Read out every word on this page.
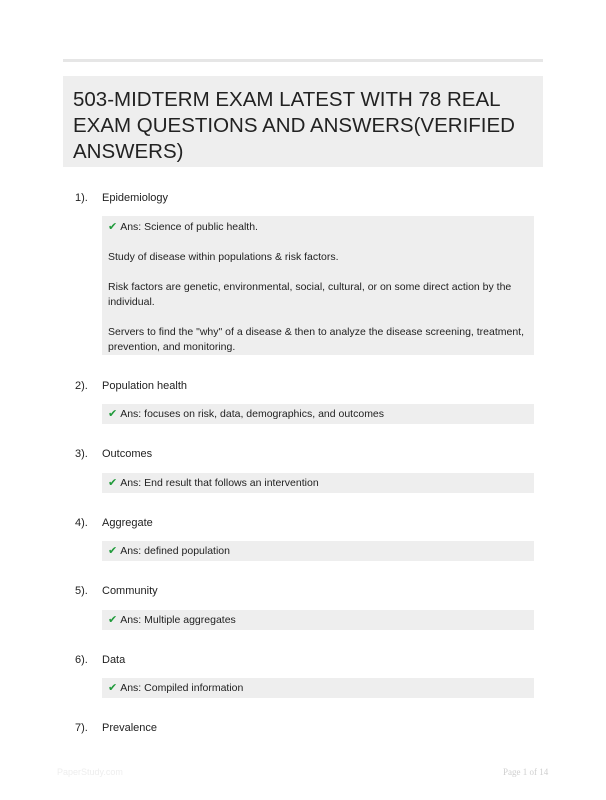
503-MIDTERM EXAM LATEST WITH 78 REAL EXAM QUESTIONS AND ANSWERS(VERIFIED ANSWERS)
1). Epidemiology

✔ Ans: Science of public health.

Study of disease within populations & risk factors.

Risk factors are genetic, environmental, social, cultural, or on some direct action by the individual.

Servers to find the "why" of a disease & then to analyze the disease screening, treatment, prevention, and monitoring.

2). Population health

✔ Ans: focuses on risk, data, demographics, and outcomes

3). Outcomes

✔ Ans: End result that follows an intervention

4). Aggregate

✔ Ans: defined population

5). Community

✔ Ans: Multiple aggregates

6). Data

✔ Ans: Compiled information

7). Prevalence
PaperStudy.com	Page 1 of 14
